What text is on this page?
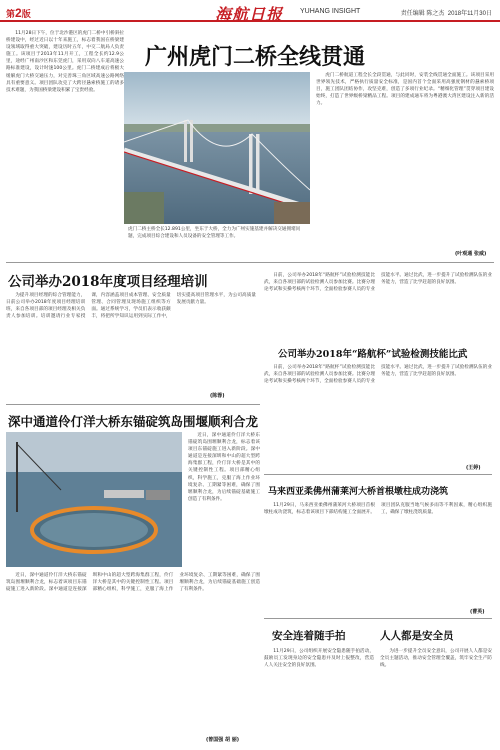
第2版	海航日报 YUHANG INSIGHT	责任编辑 陈之杰 2018年11月30日

11月28日下午，位于北沙港区的虎门二桥中引桥斜拉桥建设中，经过近日以十年来施工，标志着我国在桥梁建设领域取得重大突破，建设历时五年，中交二航局人负责施工。该项目于2013年11月开工，工程全长约12.9公里，途经广州南沙区和东莞虎门，采用双向八车道高速公路标准建设，设计时速100公里。虎门二桥建成后将极大缓解虎门大桥交通压力，对完善珠三角区域高速公路网络具有重要意义。项目团队攻克了大跨径悬索桥施工的诸多技术难题，为我国桥梁建设积累了宝贵经验。

广州虎门二桥全线贯通
虎门二桥主桥全长12.891公里，坐东于大桥，全力为广州实施基建并解决交通拥堵问题，完成项目综合建设和人员设备的安全管理等工作。

虎门二桥航道工程全长全段贯通，与此同时，安装全线贯通全面施工。该项目采用世界领先技术，严格执行质量安全标准，是国内首个全面采用高强度钢材的悬索桥项目，施工团队团结协作，攻坚克难，创造了多项行业纪录。“精细化管理”贯穿项目建设始终，打造了世界级桥梁精品工程。项目的建成通车将为粤港澳大湾区建设注入新的活力。

(叶观通 张威)
公司举办2018年度项目经理培训

为提升项目经理的综合管理能力，日前公司举办2018年度项目经理培训班，来自各项目部的项目经理及相关负责人参加培训。培训邀请行业专家授课，内容涵盖项目成本管理、安全质量管理、合同管理及现场施工组织等方面。通过系统学习，学员们表示收获颇丰，将把所学知识运用到实际工作中，切实提高项目管理水平，为公司高质量发展贡献力量。

(陈蓉)

日前，公司举办2018年“路航杯”试验检测技能比武，来自各项目部的试验检测人员参加比赛。比赛分理论考试和实操考核两个环节，全面检验参赛人员的专业技能水平。通过比武，进一步提升了试验检测队伍的业务能力，营造了比学赶超的良好氛围。

公司举办2018年“路航杯”试验检测技能比武

日前，公司举办2018年“路航杯”试验检测技能比武，来自各项目部的试验检测人员参加比赛。比赛分理论考试和实操考核两个环节，全面检验参赛人员的专业技能水平。通过比武，进一步提升了试验检测队伍的业务能力，营造了比学赶超的良好氛围。

(王婷)
深中通道伶仃洋大桥东锚碇筑岛围堰顺利合龙

近日，深中通道伶仃洋大桥东锚碇筑岛围堰顺利合龙，标志着该项目东锚碇施工进入新阶段。深中通道是连接深圳和中山的超大型跨海集群工程，伶仃洋大桥是其中的关键控制性工程。项目部精心组织，科学施工，克服了海上作业环境复杂、工期紧等困难，确保了围堰顺利合龙，为后续锚碇基础施工创造了有利条件。

近日，深中通道伶仃洋大桥东锚碇筑岛围堰顺利合龙，标志着该项目东锚碇施工进入新阶段。深中通道是连接深圳和中山的超大型跨海集群工程，伶仃洋大桥是其中的关键控制性工程。项目部精心组织，科学施工，克服了海上作业环境复杂、工期紧等困难，确保了围堰顺利合龙，为后续锚碇基础施工创造了有利条件。

(曾国强 胡 丽)
马来西亚柔佛州蒲莱河大桥首根墩柱成功浇筑

11月29日，马来西亚柔佛州蒲莱河大桥项目首根墩柱成功浇筑，标志着该项目下部结构施工全面展开。项目团队克服当地气候多雨等不利因素，精心组织施工，确保了墩柱浇筑质量。

(曹英)
安全连着随手拍	人人都是安全员

11月29日，公司组织开展安全隐患随手拍活动，鼓励员工发现身边的安全隐患并及时上报整改，营造人人关注安全的良好氛围。

为进一步提升全员安全意识，公司开展人人都是安全员主题活动，推动安全管理全覆盖，筑牢安全生产防线。
